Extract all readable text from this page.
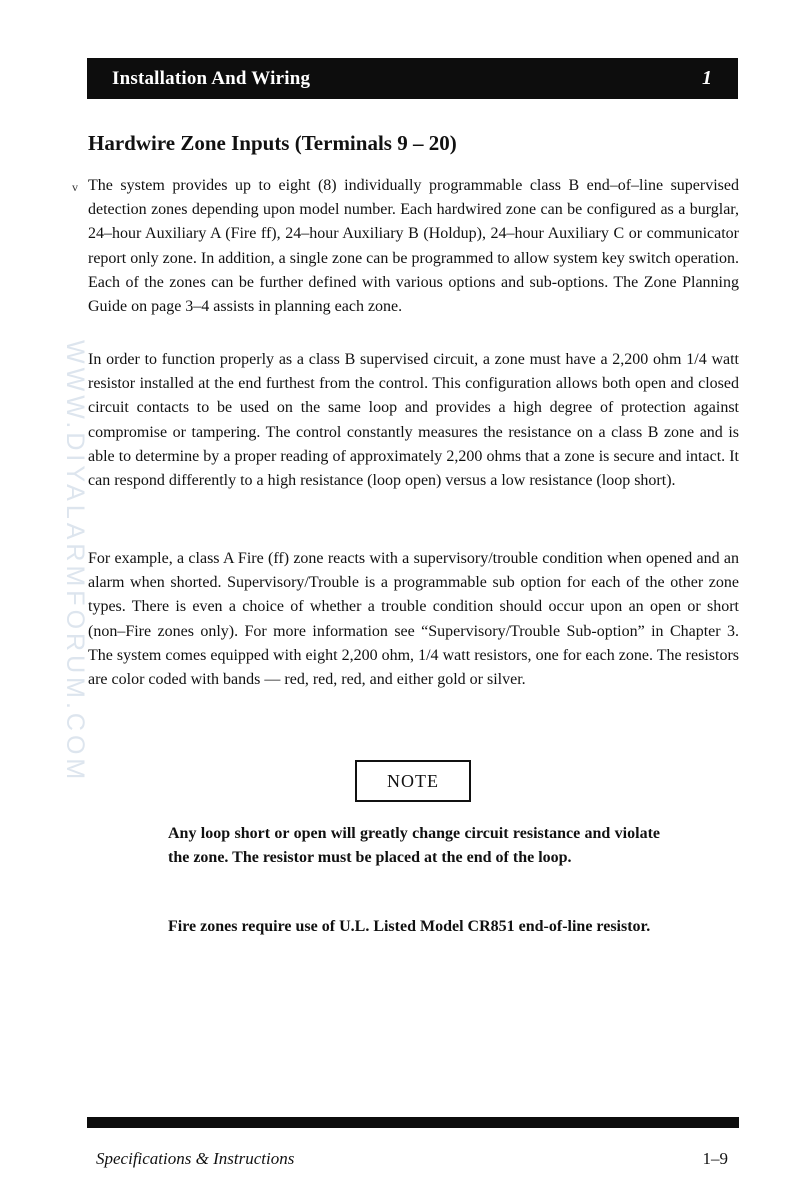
WWW.DIYALARMFORUM.COM
Installation And Wiring	1
Hardwire Zone Inputs (Terminals 9 – 20)
v The system provides up to eight (8) individually programmable class B end–of–line supervised detection zones depending upon model number. Each hardwired zone can be configured as a burglar, 24–hour Auxiliary A (Fire ff), 24–hour Auxiliary B (Holdup), 24–hour Auxiliary C or communicator report only zone. In addition, a single zone can be programmed to allow system key switch operation. Each of the zones can be further defined with various options and sub-options. The Zone Planning Guide on page 3–4 assists in planning each zone.

In order to function properly as a class B supervised circuit, a zone must have a 2,200 ohm 1/4 watt resistor installed at the end furthest from the control. This configuration allows both open and closed circuit contacts to be used on the same loop and provides a high degree of protection against compromise or tampering. The control constantly measures the resistance on a class B zone and is able to determine by a proper reading of approximately 2,200 ohms that a zone is secure and intact. It can respond differently to a high resistance (loop open) versus a low resistance (loop short).

For example, a class A Fire (ff) zone reacts with a supervisory/trouble condition when opened and an alarm when shorted. Supervisory/Trouble is a programmable sub option for each of the other zone types. There is even a choice of whether a trouble condition should occur upon an open or short (non–Fire zones only). For more information see “Supervisory/Trouble Sub-option” in Chapter 3. The system comes equipped with eight 2,200 ohm, 1/4 watt resistors, one for each zone. The resistors are color coded with bands — red, red, red, and either gold or silver.

NOTE

Any loop short or open will greatly change circuit resistance and violate the zone. The resistor must be placed at the end of the loop.

Fire zones require use of U.L. Listed Model CR851 end-of-line resistor.

Specifications & Instructions	1–9
